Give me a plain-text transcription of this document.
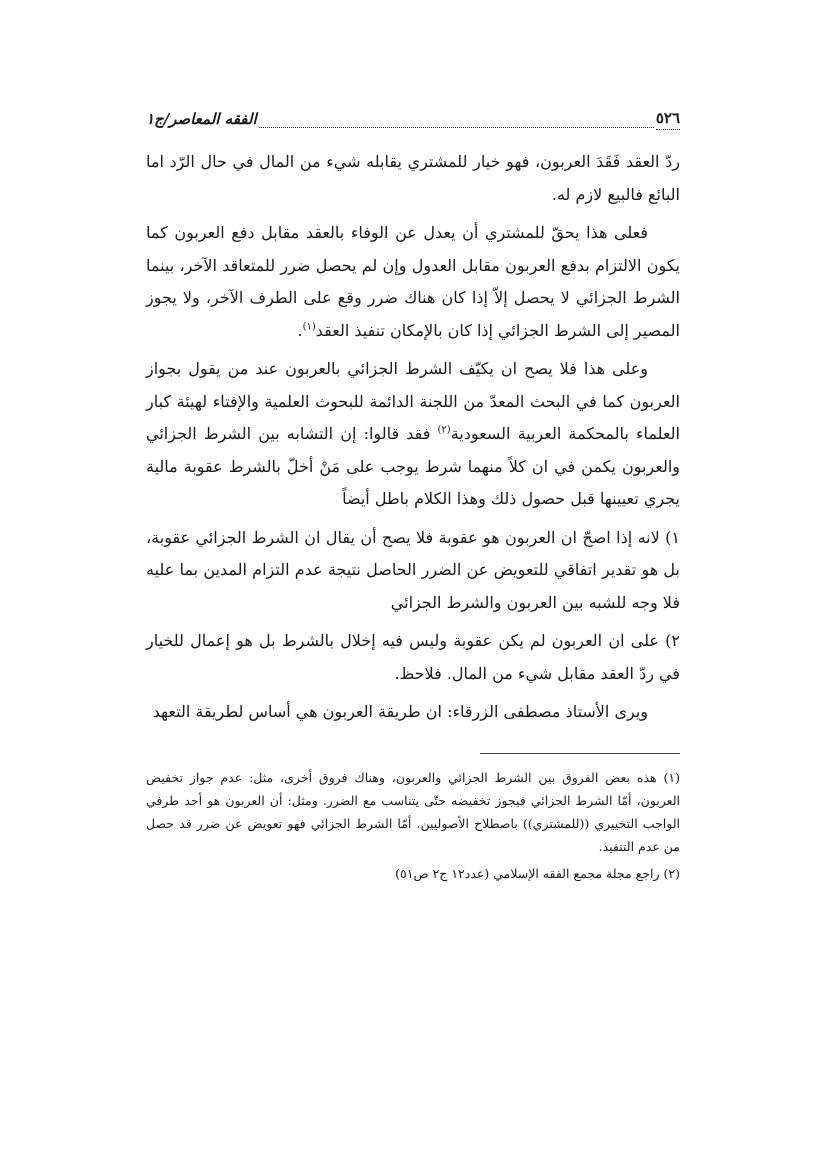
٥٢٦
الفقه المعاصر/ج١

ردّ العقد فَقَدَ العربون، فهو خيار للمشتري يقابله شيء من المال في حال الرّد اما البائع فالبيع لازم له.

فعلى هذا يحقّ للمشتري أن يعدل عن الوفاء بالعقد مقابل دفع العربون كما يكون الالتزام بدفع العربون مقابل العدول وإن لم يحصل ضرر للمتعاقد الآخر، بينما الشرط الجزائي لا يحصل إلاّ إذا كان هناك ضرر وقع على الطرف الآخر، ولا يجوز المصير إلى الشرط الجزائي إذا كان بالإمكان تنفيذ العقد$^{(١)}$.

وعلى هذا فلا يصح ان يكيّف الشرط الجزائي بالعربون عند من يقول بجواز العربون كما في البحث المعدّ من اللجنة الدائمة للبحوث العلمية والإفتاء لهيئة كبار العلماء بالمحكمة العربية السعودية$^{(٢)}$ فقد قالوا: إن التشابه بين الشرط الجزائي والعربون يكمن في ان كلاً منهما شرط يوجب على مَنْ أخلّ بالشرط عقوبة مالية يجري تعيينها قبل حصول ذلك وهذا الكلام باطل أيضاً

١) لانه إذا اصحّ ان العربون هو عقوبة فلا يصح أن يقال ان الشرط الجزائي عقوبة، بل هو تقدير اتفاقي للتعويض عن الضرر الحاصل نتيجة عدم التزام المدين بما عليه فلا وجه للشبه بين العربون والشرط الجزائي

٢) على ان العربون لم يكن عقوبة وليس فيه إخلال بالشرط بل هو إعمال للخيار في ردّ العقد مقابل شيء من المال. فلاحظ.

ويرى الأستاذ مصطفى الزرقاء: ان طريقة العربون هي أساس لطريقة التعهد

(١) هذه بعض الفروق بين الشرط الجزائي والعربون، وهناك فروق أخرى، مثل: عدم جواز تخفيض العربون، أمّا الشرط الجزائي فيجوز تخفيضه حتّى يتناسب مع الضرر. ومثل: أن العربون هو أحد طرفي الواجب التخييري ((للمشتري)) باصطلاح الأصوليين. أمّا الشرط الجزائي فهو تعويض عن ضرر قد حصل من عدم التنفيذ.

(٢) راجع مجلة مجمع الفقه الإسلامي (عدد١٢ ج٢ ص٥١)
